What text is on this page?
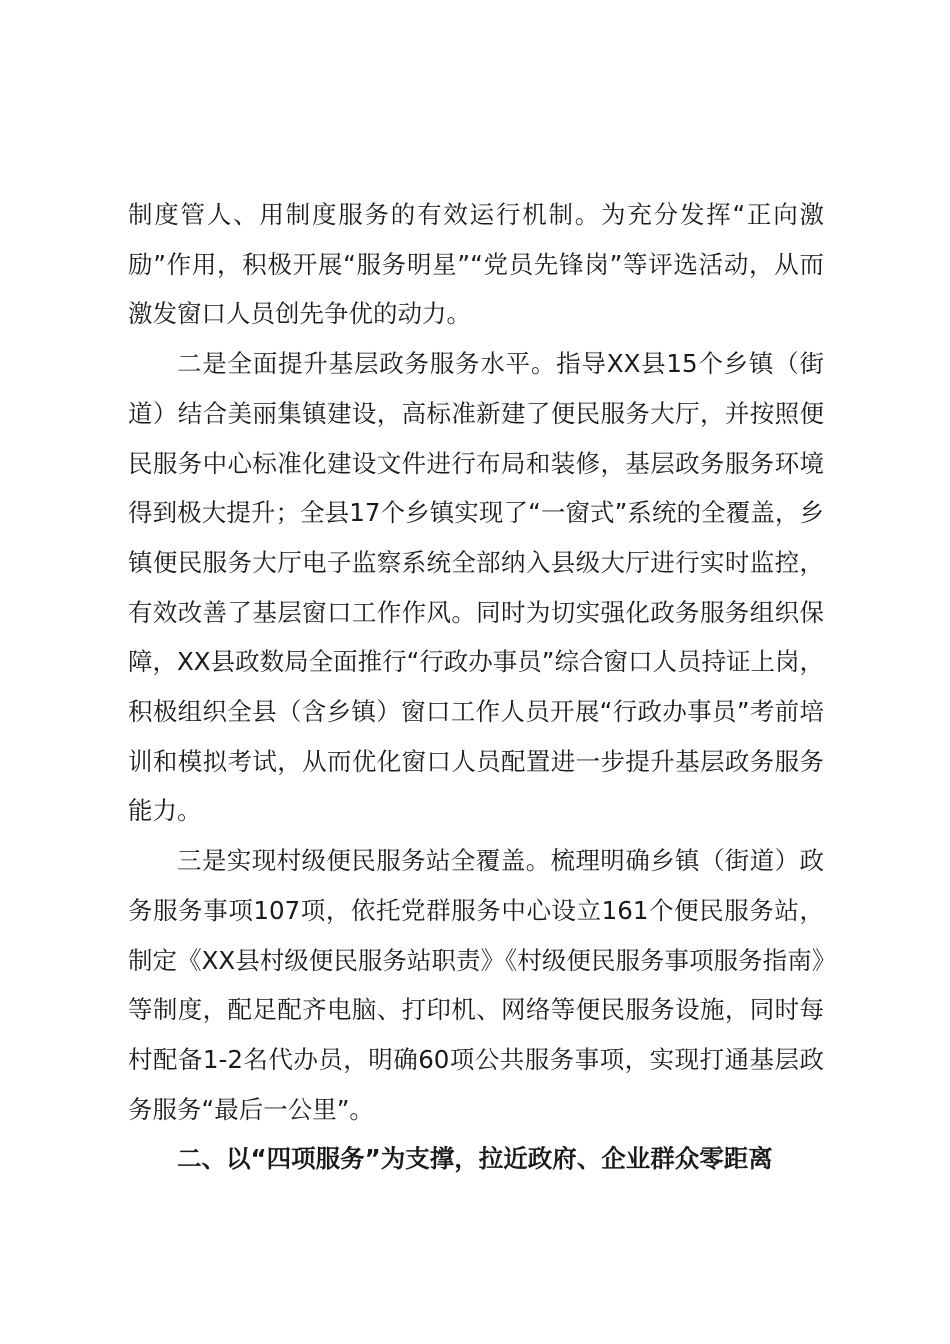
制度管人、用制度服务的有效运行机制。为充分发挥“正向激励”作用，积极开展“服务明星”“党员先锋岗”等评选活动，从而激发窗口人员创先争优的动力。

二是全面提升基层政务服务水平。指导XX县15个乡镇（街道）结合美丽集镇建设，高标准新建了便民服务大厅，并按照便民服务中心标准化建设文件进行布局和装修，基层政务服务环境得到极大提升；全县17个乡镇实现了“一窗式”系统的全覆盖，乡镇便民服务大厅电子监察系统全部纳入县级大厅进行实时监控，有效改善了基层窗口工作作风。同时为切实强化政务服务组织保障，XX县政数局全面推行“行政办事员”综合窗口人员持证上岗，积极组织全县（含乡镇）窗口工作人员开展“行政办事员”考前培训和模拟考试，从而优化窗口人员配置进一步提升基层政务服务能力。

三是实现村级便民服务站全覆盖。梳理明确乡镇（街道）政务服务事项107项，依托党群服务中心设立161个便民服务站，制定《XX县村级便民服务站职责》《村级便民服务事项服务指南》等制度，配足配齐电脑、打印机、网络等便民服务设施，同时每村配备1-2名代办员，明确60项公共服务事项，实现打通基层政务服务“最后一公里”。

二、以“四项服务”为支撑，拉近政府、企业群众零距离
